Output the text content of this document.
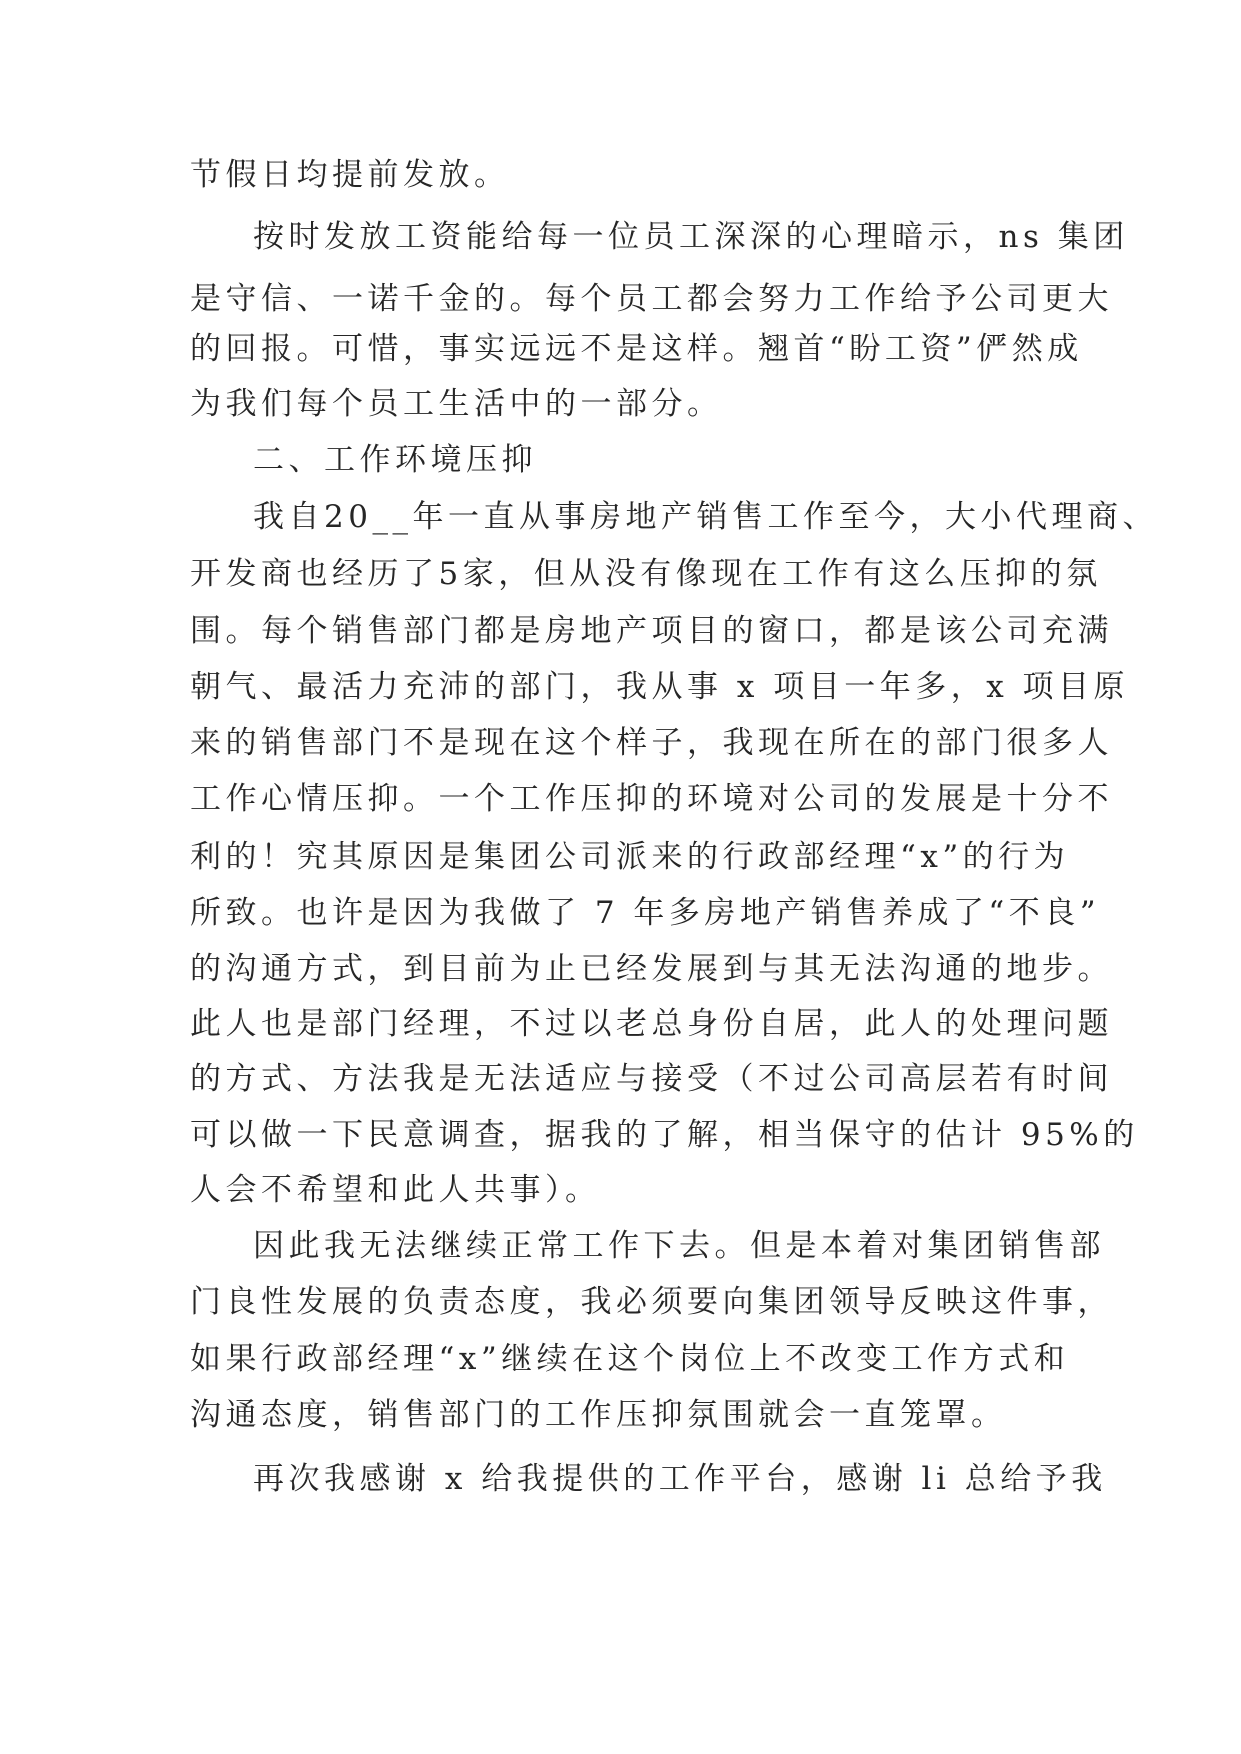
节假日均提前发放。
按时发放工资能给每一位员工深深的心理暗示，ns 集团
是守信、一诺千金的。每个员工都会努力工作给予公司更大
的回报。可惜，事实远远不是这样。翘首“盼工资”俨然成
为我们每个员工生活中的一部分。
二、工作环境压抑
我自20__年一直从事房地产销售工作至今，大小代理商、
开发商也经历了5家，但从没有像现在工作有这么压抑的氛
围。每个销售部门都是房地产项目的窗口，都是该公司充满
朝气、最活力充沛的部门，我从事 x 项目一年多，x 项目原
来的销售部门不是现在这个样子，我现在所在的部门很多人
工作心情压抑。一个工作压抑的环境对公司的发展是十分不
利的！究其原因是集团公司派来的行政部经理“x”的行为
所致。也许是因为我做了 7 年多房地产销售养成了“不良”
的沟通方式，到目前为止已经发展到与其无法沟通的地步。
此人也是部门经理，不过以老总身份自居，此人的处理问题
的方式、方法我是无法适应与接受（不过公司高层若有时间
可以做一下民意调查，据我的了解，相当保守的估计 95%的
人会不希望和此人共事）。
因此我无法继续正常工作下去。但是本着对集团销售部
门良性发展的负责态度，我必须要向集团领导反映这件事，
如果行政部经理“x”继续在这个岗位上不改变工作方式和
沟通态度，销售部门的工作压抑氛围就会一直笼罩。
再次我感谢 x 给我提供的工作平台，感谢 li 总给予我
